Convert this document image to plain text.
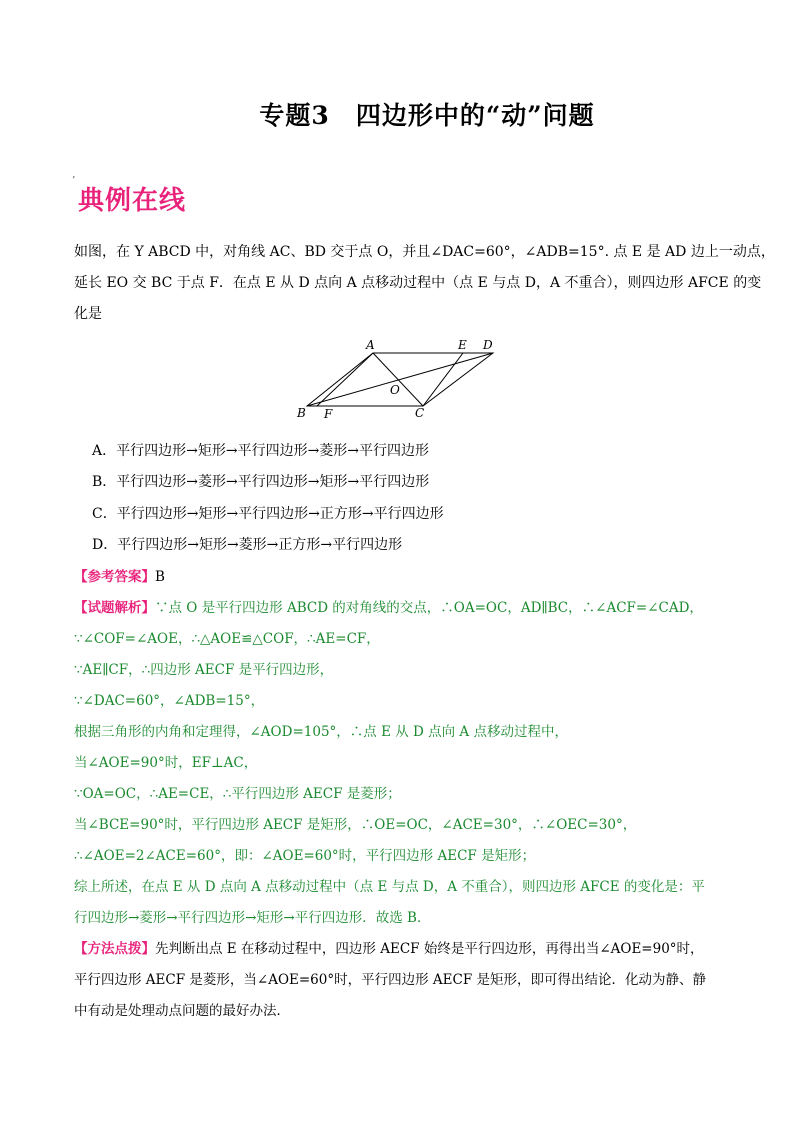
专题3　四边形中的“动”问题
ʼ
典例在线
如图，在 Y ABCD 中，对角线 AC、BD 交于点 O，并且∠DAC=60°，∠ADB=15°. 点 E 是 AD 边上一动点，
延长 EO 交 BC 于点 F．在点 E 从 D 点向 A 点移动过程中（点 E 与点 D，A 不重合），则四边形 AFCE 的变
化是
A	E D
O
B F	C
A．平行四边形→矩形→平行四边形→菱形→平行四边形
B．平行四边形→菱形→平行四边形→矩形→平行四边形
C．平行四边形→矩形→平行四边形→正方形→平行四边形
D．平行四边形→矩形→菱形→正方形→平行四边形
【参考答案】B
【试题解析】∵点 O 是平行四边形 ABCD 的对角线的交点，∴OA=OC，AD∥BC，∴∠ACF=∠CAD，
∵∠COF=∠AOE，∴△AOE≌△COF，∴AE=CF，
∵AE∥CF，∴四边形 AECF 是平行四边形，
∵∠DAC=60°，∠ADB=15°，
根据三角形的内角和定理得，∠AOD=105°，∴点 E 从 D 点向 A 点移动过程中，
当∠AOE=90°时，EF⊥AC，
∵OA=OC，∴AE=CE，∴平行四边形 AECF 是菱形；
当∠BCE=90°时，平行四边形 AECF 是矩形，∴OE=OC，∠ACE=30°，∴∠OEC=30°，
∴∠AOE=2∠ACE=60°，即：∠AOE=60°时，平行四边形 AECF 是矩形；
综上所述，在点 E 从 D 点向 A 点移动过程中（点 E 与点 D，A 不重合），则四边形 AFCE 的变化是：平
行四边形→菱形→平行四边形→矩形→平行四边形．故选 B．
【方法点拨】先判断出点 E 在移动过程中，四边形 AECF 始终是平行四边形，再得出当∠AOE=90°时，
平行四边形 AECF 是菱形，当∠AOE=60°时，平行四边形 AECF 是矩形，即可得出结论．化动为静、静
中有动是处理动点问题的最好办法．
